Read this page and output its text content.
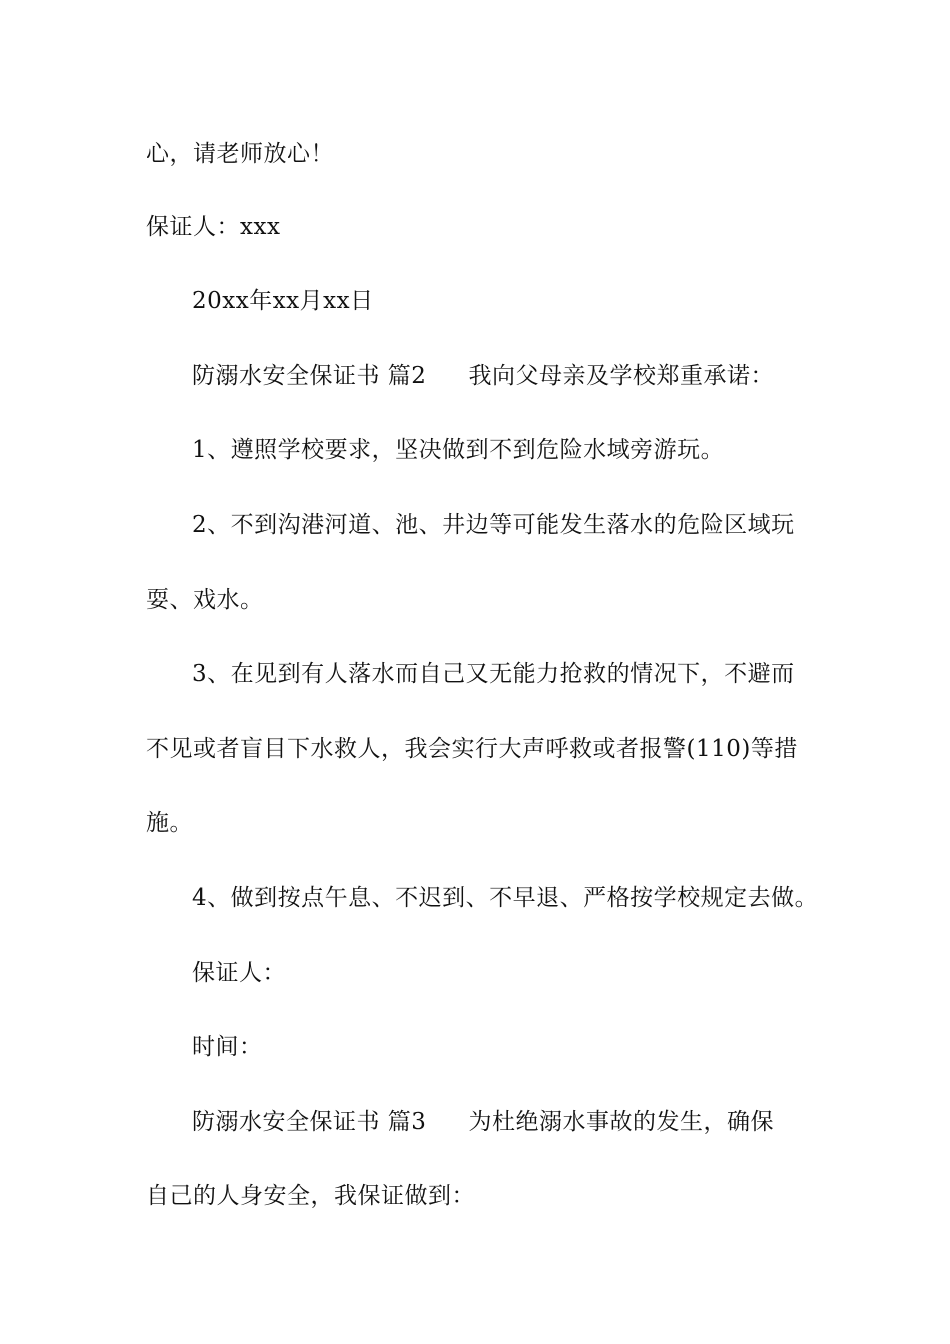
心，请老师放心！
保证人：xxx
20xx年xx月xx日
防溺水安全保证书 篇2 我向父母亲及学校郑重承诺：
1、遵照学校要求，坚决做到不到危险水域旁游玩。
2、不到沟港河道、池、井边等可能发生落水的危险区域玩
耍、戏水。
3、在见到有人落水而自己又无能力抢救的情况下，不避而
不见或者盲目下水救人，我会实行大声呼救或者报警(110)等措
施。
4、做到按点午息、不迟到、不早退、严格按学校规定去做。
保证人：
时间：
防溺水安全保证书 篇3 为杜绝溺水事故的发生，确保
自己的人身安全，我保证做到：
